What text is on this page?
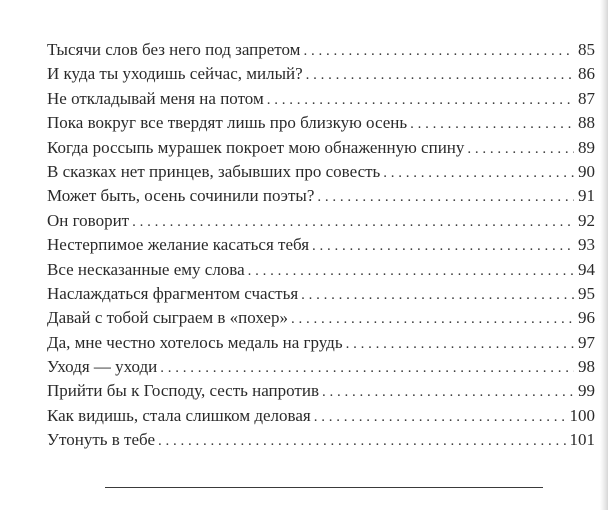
Тысячи слов без него под запретом . . .	85
И куда ты уходишь сейчас, милый? . . .	86
Не откладывай меня на потом . . .	87
Пока вокруг все твердят лишь про близкую осень . . .	88
Когда россыпь мурашек покроет мою обнаженную спину . . .	89
В сказках нет принцев, забывших про совесть . . .	90
Может быть, осень сочинили поэты? . . .	91
Он говорит . . .	92
Нестерпимое желание касаться тебя . . .	93
Все несказанные ему слова . . .	94
Наслаждаться фрагментом счастья . . .	95
Давай с тобой сыграем в «похер» . . .	96
Да, мне честно хотелось медаль на грудь . . .	97
Уходя — уходи . . .	98
Прийти бы к Господу, сесть напротив . . .	99
Как видишь, стала слишком деловая . . .	100
Утонуть в тебе . . .	101
